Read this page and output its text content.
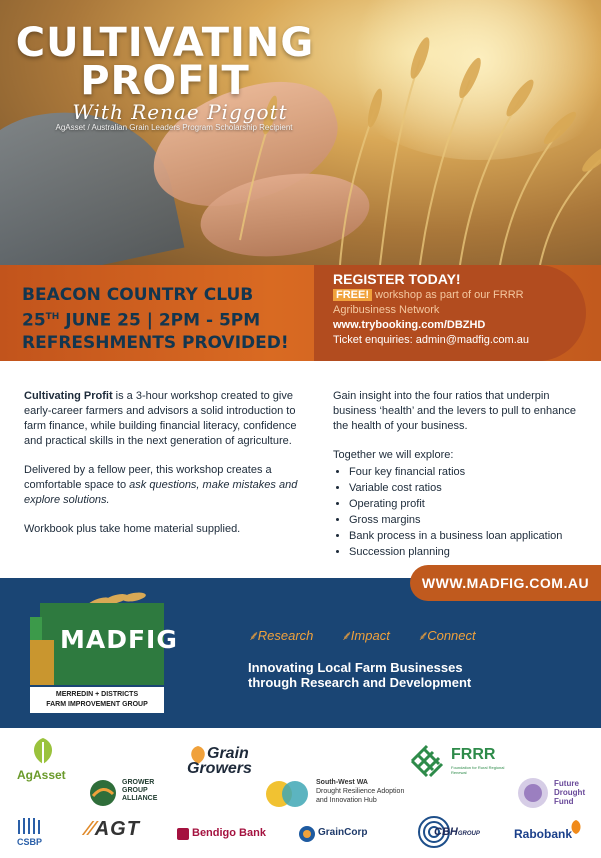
CULTIVATING
PROFIT
With Renae Piggott
AgAsset / Australian Grain Leaders Program Scholarship Recipient
BEACON COUNTRY CLUB
25TH JUNE 25 | 2PM - 5PM
REFRESHMENTS PROVIDED!
REGISTER TODAY!
FREE! workshop as part of our FRRR
Agribusiness Network
www.trybooking.com/DBZHD
Ticket enquiries: admin@madfig.com.au

Cultivating Profit is a 3-hour workshop created to give early-career farmers and advisors a solid introduction to farm finance, while building financial literacy, confidence and practical skills in the next generation of agriculture.

Delivered by a fellow peer, this workshop creates a comfortable space to ask questions, make mistakes and explore solutions.

Workbook plus take home material supplied.

Gain insight into the four ratios that underpin business ‘health’ and the levers to pull to enhance the health of your business.

Together we will explore:
• Four key financial ratios
• Variable cost ratios
• Operating profit
• Gross margins
• Bank process in a business loan application
• Succession planning
WWW.MADFIG.COM.AU
MADFIG
MERREDIN + DISTRICTS
FARM IMPROVEMENT GROUP
⸙Research ⸙Impact ⸙Connect
Innovating Local Farm Businesses
through Research and Development
AgAsset
GROWER
GROUP
ALLIANCE
Grain
Growers
South-West WA
Drought Resilience Adoption
and Innovation Hub
FRRR
Foundation for Rural Regional Renewal
Future
Drought
Fund
CSBP
⁄⁄AGT	Bendigo Bank	GrainCorp	CBHGROUP	Rabobank
